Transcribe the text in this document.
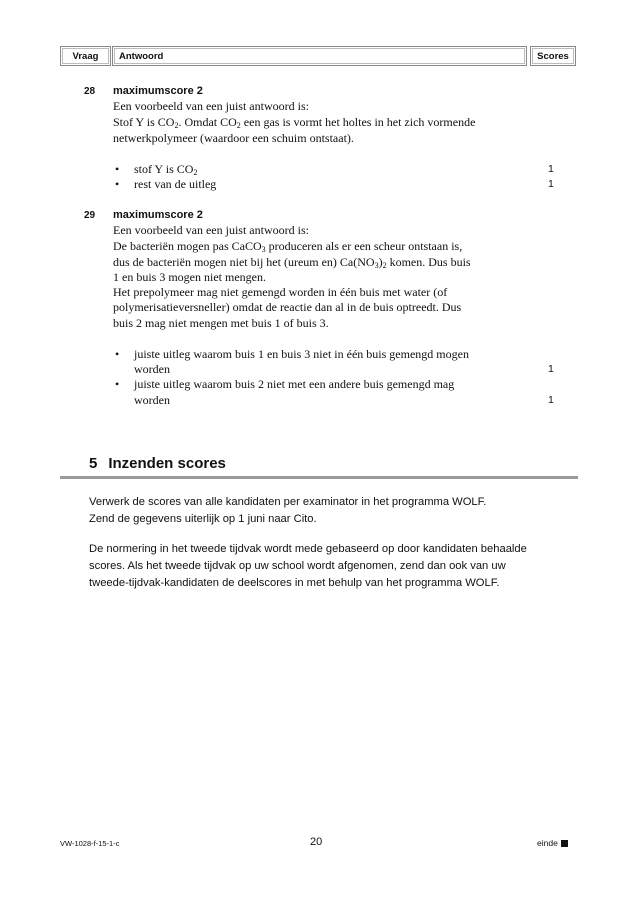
Vraag	Antwoord	Scores
28 maximumscore 2
Een voorbeeld van een juist antwoord is:
Stof Y is $CO_2$. Omdat $CO_2$ een gas is vormt het holtes in het zich vormende
netwerkpolymeer (waardoor een schuim ontstaat).
• stof Y is $CO_2$	1
• rest van de uitleg	1
29 maximumscore 2
Een voorbeeld van een juist antwoord is:
De bacteriën mogen pas CaCO$_3$ produceren als er een scheur ontstaan is,
dus de bacteriën mogen niet bij het (ureum en) $Ca(NO_3)_2$ komen. Dus buis
1 en buis 3 mogen niet mengen.
Het prepolymeer mag niet gemengd worden in één buis met water (of
polymerisatieversneller) omdat de reactie dan al in de buis optreedt. Dus
buis 2 mag niet mengen met buis 1 of buis 3.
• juiste uitleg waarom buis 1 en buis 3 niet in één buis gemengd mogen
worden	1
• juiste uitleg waarom buis 2 niet met een andere buis gemengd mag
worden	1
5 Inzenden scores
Verwerk de scores van alle kandidaten per examinator in het programma WOLF.
Zend de gegevens uiterlijk op 1 juni naar Cito.
De normering in het tweede tijdvak wordt mede gebaseerd op door kandidaten behaalde
scores. Als het tweede tijdvak op uw school wordt afgenomen, zend dan ook van uw
tweede-tijdvak-kandidaten de deelscores in met behulp van het programma WOLF.
VW-1028-f-15-1-c	20	einde
